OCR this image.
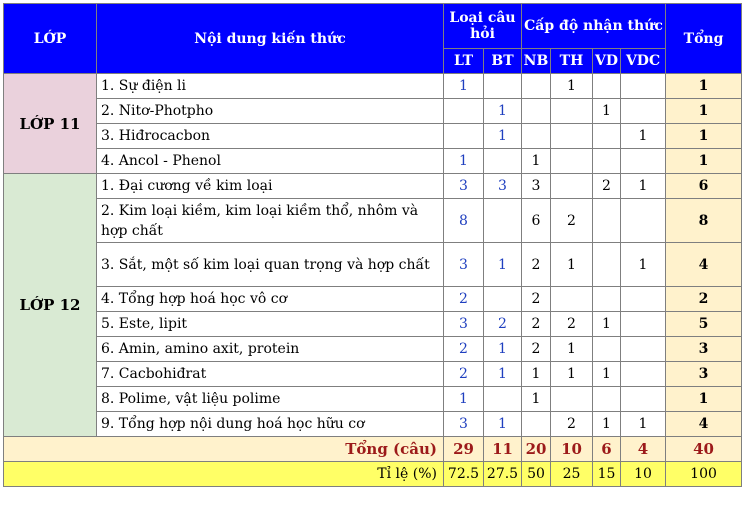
LỚP	Nội dung kiến thức	Loại câu hỏi		Cấp độ nhận thức				Tổng
		LT	BT	NB	TH	VD	VDC	
LỚP 11	1. Sự điện li	1			1			1
	2. Nitơ-Photpho		1			1		1
	3. Hiđrocacbon		1				1	1
	4. Ancol - Phenol	1		1				1
LỚP 12	1. Đại cương về kim loại	3	3	3		2	1	6
	2. Kim loại kiềm, kim loại kiềm thổ, nhôm và hợp chất	8		6	2			8
	3. Sắt, một số kim loại quan trọng và hợp chất	3	1	2	1		1	4
	4. Tổng hợp hoá học vô cơ	2		2				2
	5. Este, lipit	3	2	2	2	1		5
	6. Amin, amino axit, protein	2	1	2	1			3
	7. Cacbohiđrat	2	1	1	1	1		3
	8. Polime, vật liệu polime	1		1				1
	9. Tổng hợp nội dung hoá học hữu cơ	3	1		2	1	1	4
Tổng (câu)		29	11	20	10	6	4	40
Tỉ lệ (%)		72.5	27.5	50	25	15	10	100
